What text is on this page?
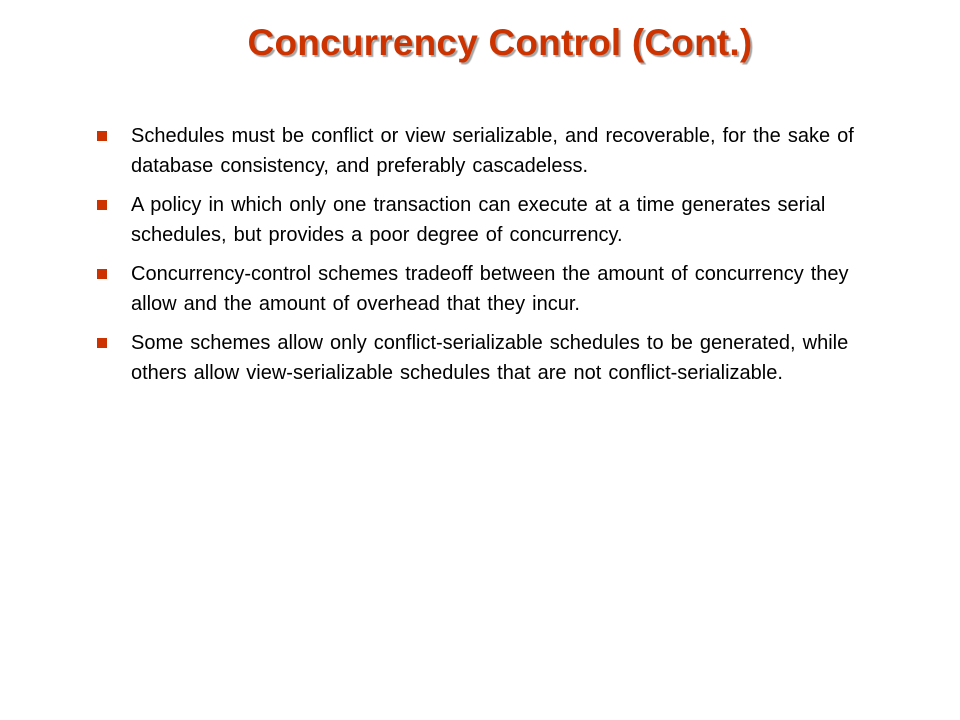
Concurrency Control (Cont.)
Schedules must be conflict or view serializable, and recoverable, for the sake of database consistency, and preferably cascadeless.
A policy in which only one transaction can execute at a time generates serial schedules, but provides a poor degree of concurrency.
Concurrency-control schemes tradeoff between the amount of concurrency they allow and the amount of overhead that they incur.
Some schemes allow only conflict-serializable schedules to be generated, while others allow view-serializable schedules that are not conflict-serializable.
